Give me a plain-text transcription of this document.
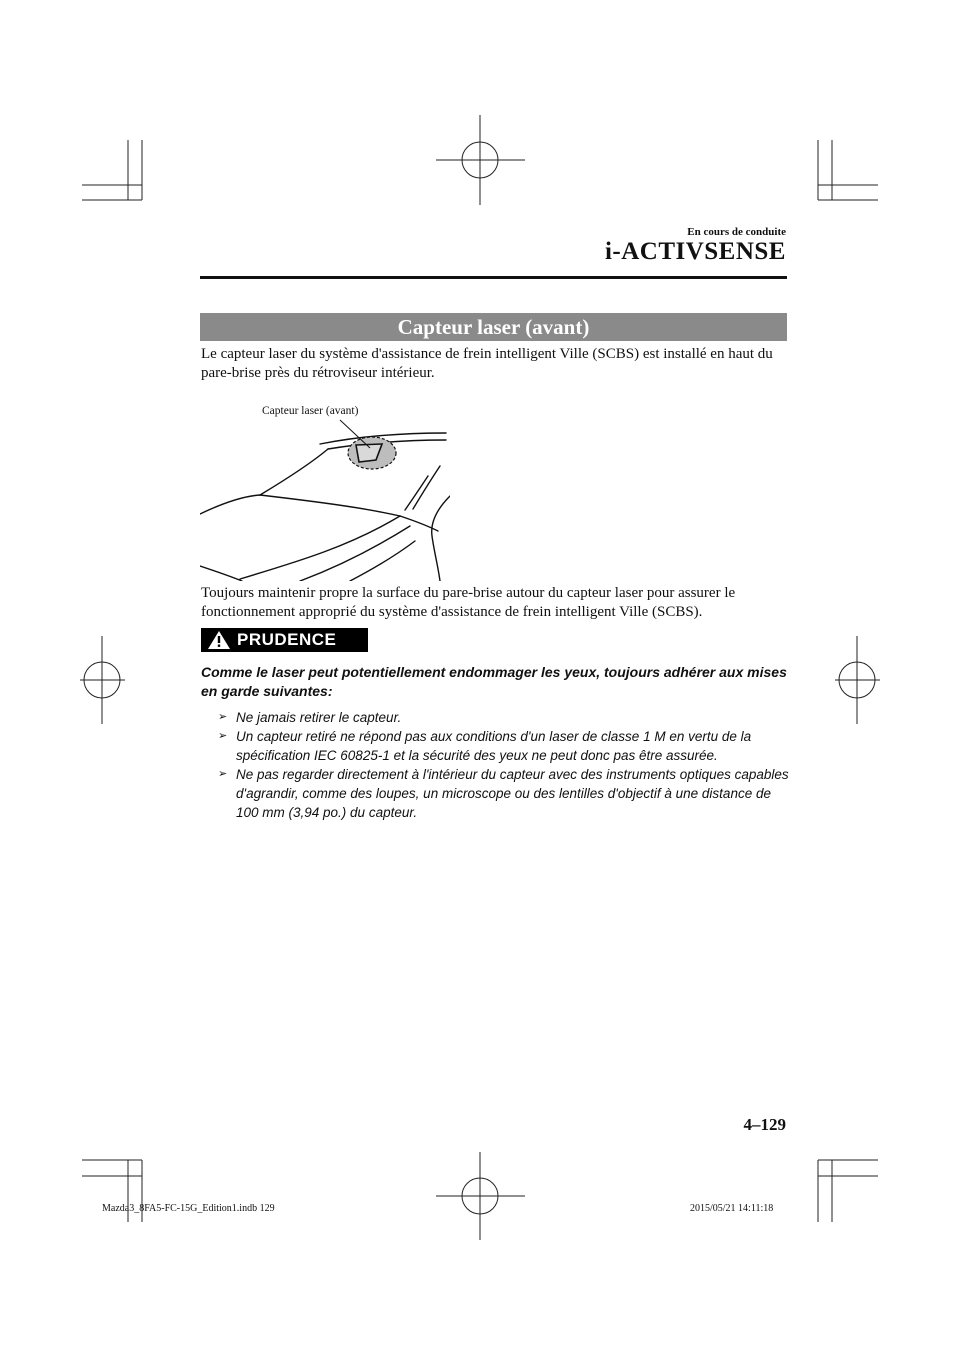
En cours de conduite
i-ACTIVSENSE
Capteur laser (avant)
Le capteur laser du système d'assistance de frein intelligent Ville (SCBS) est installé en haut du pare-brise près du rétroviseur intérieur.
Capteur laser (avant)
Toujours maintenir propre la surface du pare-brise autour du capteur laser pour assurer le fonctionnement approprié du système d'assistance de frein intelligent Ville (SCBS).
PRUDENCE
Comme le laser peut potentiellement endommager les yeux, toujours adhérer aux mises en garde suivantes:
➢ Ne jamais retirer le capteur.
➢ Un capteur retiré ne répond pas aux conditions d'un laser de classe 1 M en vertu de la spécification IEC 60825-1 et la sécurité des yeux ne peut donc pas être assurée.
➢ Ne pas regarder directement à l'intérieur du capteur avec des instruments optiques capables d'agrandir, comme des loupes, un microscope ou des lentilles d'objectif à une distance de 100 mm (3,94 po.) du capteur.
4–129
Mazda3_8FA5-FC-15G_Edition1.indb 129	2015/05/21 14:11:18
